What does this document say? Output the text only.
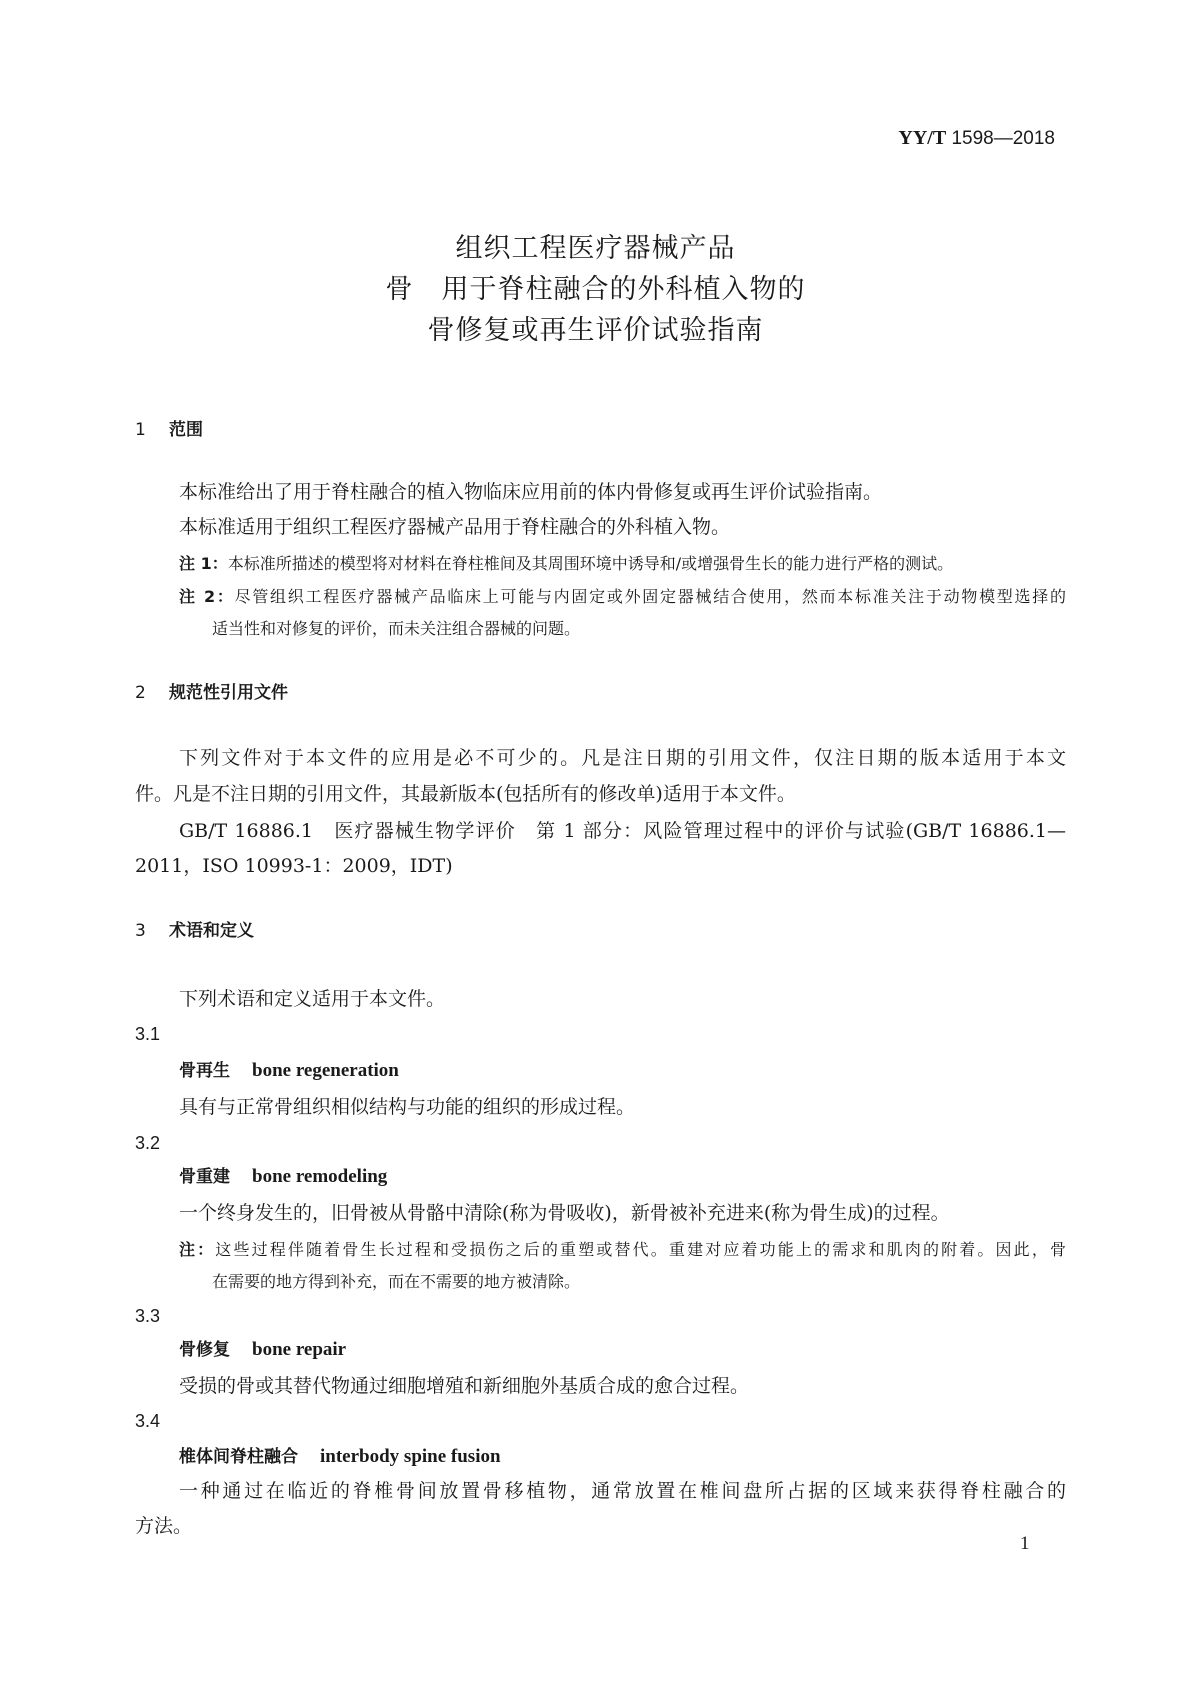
YY/T 1598—2018
组织工程医疗器械产品
骨　用于脊柱融合的外科植入物的
骨修复或再生评价试验指南
1 范围
本标准给出了用于脊柱融合的植入物临床应用前的体内骨修复或再生评价试验指南。
本标准适用于组织工程医疗器械产品用于脊柱融合的外科植入物。
注 1：本标准所描述的模型将对材料在脊柱椎间及其周围环境中诱导和/或增强骨生长的能力进行严格的测试。
注 2：尽管组织工程医疗器械产品临床上可能与内固定或外固定器械结合使用，然而本标准关注于动物模型选择的
适当性和对修复的评价，而未关注组合器械的问题。
2 规范性引用文件
下列文件对于本文件的应用是必不可少的。凡是注日期的引用文件，仅注日期的版本适用于本文
件。凡是不注日期的引用文件，其最新版本(包括所有的修改单)适用于本文件。
GB/T 16886.1　医疗器械生物学评价　第 1 部分：风险管理过程中的评价与试验(GB/T 16886.1—
2011，ISO 10993-1：2009，IDT)
3 术语和定义
下列术语和定义适用于本文件。
3.1
骨再生 bone regeneration
具有与正常骨组织相似结构与功能的组织的形成过程。
3.2
骨重建 bone remodeling
一个终身发生的，旧骨被从骨骼中清除(称为骨吸收)，新骨被补充进来(称为骨生成)的过程。
注：这些过程伴随着骨生长过程和受损伤之后的重塑或替代。重建对应着功能上的需求和肌肉的附着。因此，骨
在需要的地方得到补充，而在不需要的地方被清除。
3.3
骨修复 bone repair
受损的骨或其替代物通过细胞增殖和新细胞外基质合成的愈合过程。
3.4
椎体间脊柱融合 interbody spine fusion
一种通过在临近的脊椎骨间放置骨移植物，通常放置在椎间盘所占据的区域来获得脊柱融合的
方法。
1
